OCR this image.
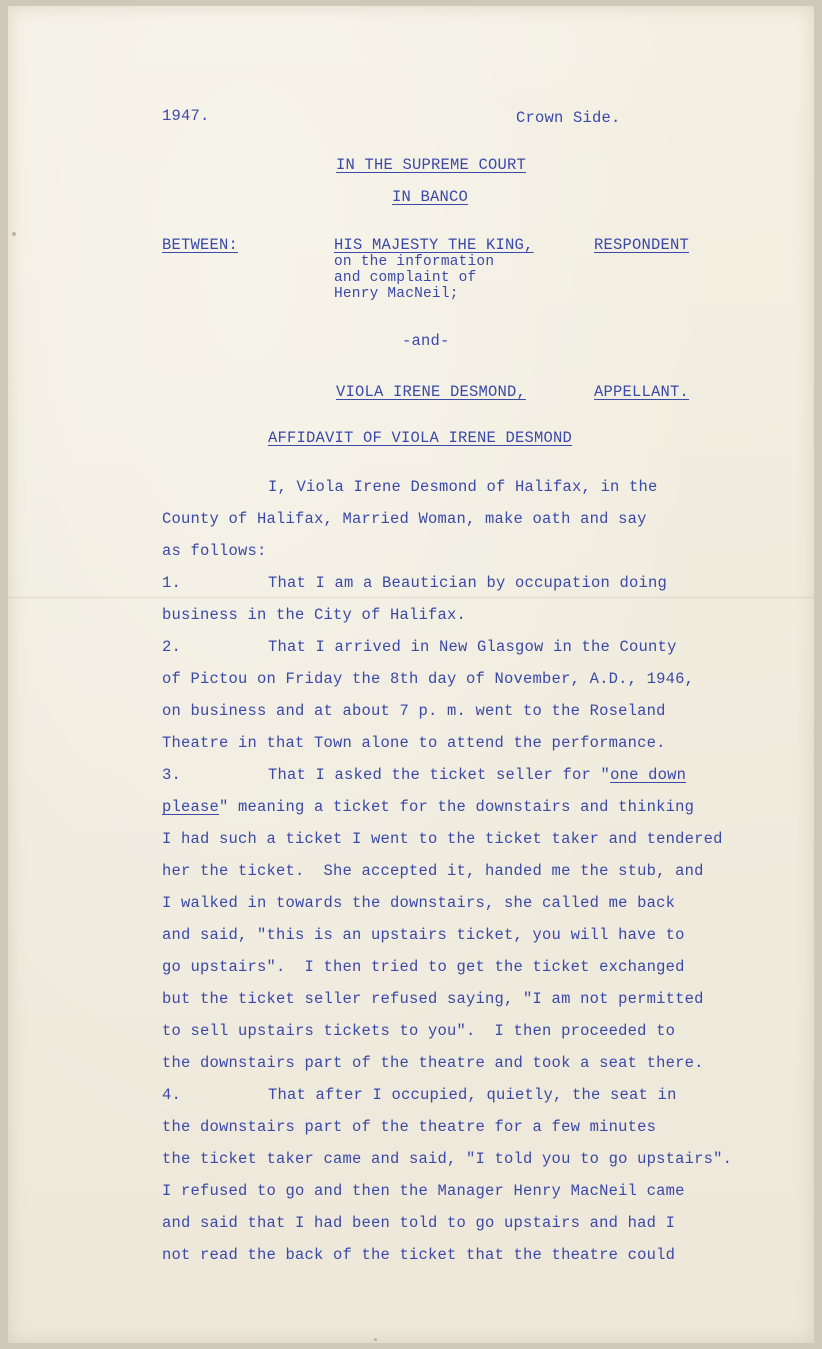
1947.	Crown Side.
IN THE SUPREME COURT
IN BANCO
BETWEEN:	HIS MAJESTY THE KING,	RESPONDENT
on the information
and complaint of
Henry MacNeil;
-and-
VIOLA IRENE DESMOND,	APPELLANT.
AFFIDAVIT OF VIOLA IRENE DESMOND
I, Viola Irene Desmond of Halifax, in the
County of Halifax, Married Woman, make oath and say
as follows:
1.	That I am a Beautician by occupation doing
business in the City of Halifax.
2.	That I arrived in New Glasgow in the County
of Pictou on Friday the 8th day of November, A.D., 1946,
on business and at about 7 p. m. went to the Roseland
Theatre in that Town alone to attend the performance.
3.	That I asked the ticket seller for "one down
please" meaning a ticket for the downstairs and thinking
I had such a ticket I went to the ticket taker and tendered
her the ticket.  She accepted it, handed me the stub, and
I walked in towards the downstairs, she called me back
and said, "this is an upstairs ticket, you will have to
go upstairs".  I then tried to get the ticket exchanged
but the ticket seller refused saying, "I am not permitted
to sell upstairs tickets to you".  I then proceeded to
the downstairs part of the theatre and took a seat there.
4.	That after I occupied, quietly, the seat in
the downstairs part of the theatre for a few minutes
the ticket taker came and said, "I told you to go upstairs".
I refused to go and then the Manager Henry MacNeil came
and said that I had been told to go upstairs and had I
not read the back of the ticket that the theatre could
